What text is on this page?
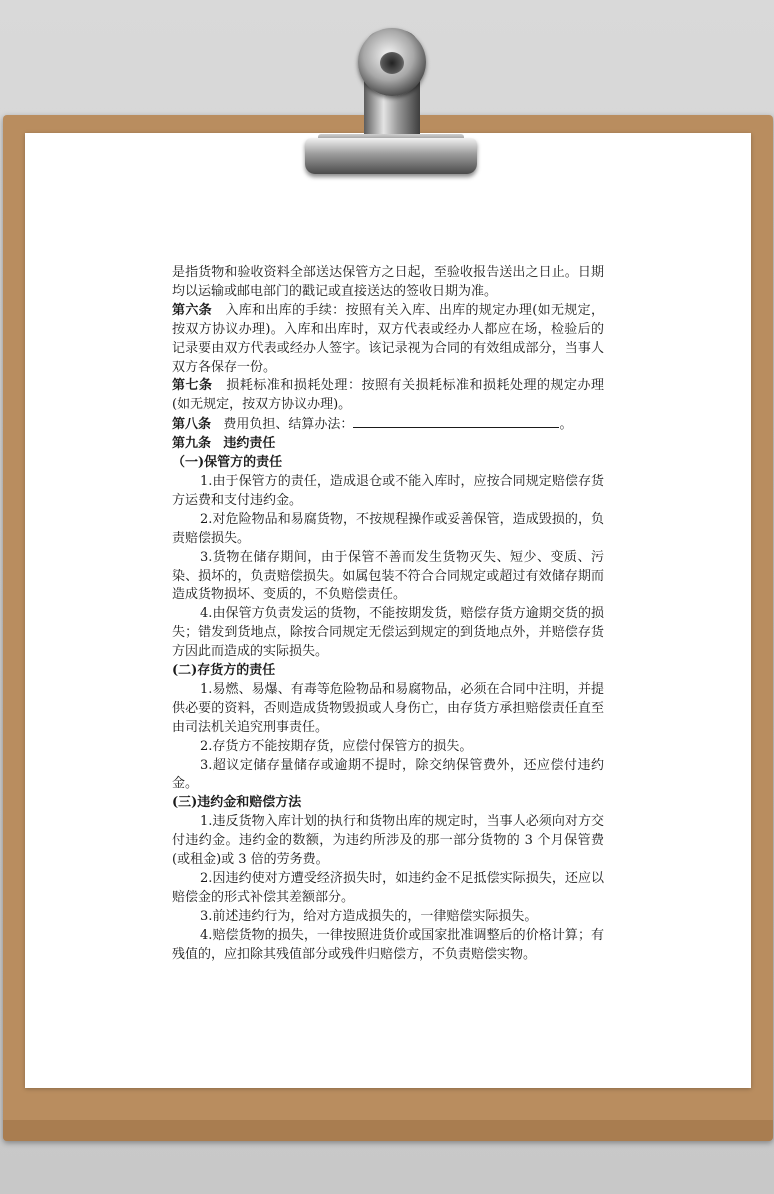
是指货物和验收资料全部送达保管方之日起，至验收报告送出之日止。日期均以运输或邮电部门的戳记或直接送达的签收日期为准。

第六条 入库和出库的手续：按照有关入库、出库的规定办理(如无规定，按双方协议办理)。入库和出库时，双方代表或经办人都应在场，检验后的记录要由双方代表或经办人签字。该记录视为合同的有效组成部分，当事人双方各保存一份。

第七条 损耗标准和损耗处理：按照有关损耗标准和损耗处理的规定办理(如无规定，按双方协议办理)。

第八条 费用负担、结算办法：	。

第九条 违约责任

（一)保管方的责任

1.由于保管方的责任，造成退仓或不能入库时，应按合同规定赔偿存货方运费和支付违约金。

2.对危险物品和易腐货物，不按规程操作或妥善保管，造成毁损的，负责赔偿损失。

3.货物在储存期间，由于保管不善而发生货物灭失、短少、变质、污染、损坏的，负责赔偿损失。如属包装不符合合同规定或超过有效储存期而造成货物损坏、变质的，不负赔偿责任。

4.由保管方负责发运的货物，不能按期发货，赔偿存货方逾期交货的损失；错发到货地点，除按合同规定无偿运到规定的到货地点外，并赔偿存货方因此而造成的实际损失。

(二)存货方的责任

1.易燃、易爆、有毒等危险物品和易腐物品，必须在合同中注明，并提供必要的资料，否则造成货物毁损或人身伤亡，由存货方承担赔偿责任直至由司法机关追究刑事责任。

2.存货方不能按期存货，应偿付保管方的损失。

3.超议定储存量储存或逾期不提时，除交纳保管费外，还应偿付违约金。

(三)违约金和赔偿方法

1.违反货物入库计划的执行和货物出库的规定时，当事人必须向对方交付违约金。违约金的数额，为违约所涉及的那一部分货物的 3 个月保管费(或租金)或 3 倍的劳务费。

2.因违约使对方遭受经济损失时，如违约金不足抵偿实际损失，还应以赔偿金的形式补偿其差额部分。

3.前述违约行为，给对方造成损失的，一律赔偿实际损失。

4.赔偿货物的损失，一律按照进货价或国家批准调整后的价格计算；有残值的，应扣除其残值部分或残件归赔偿方，不负责赔偿实物。
